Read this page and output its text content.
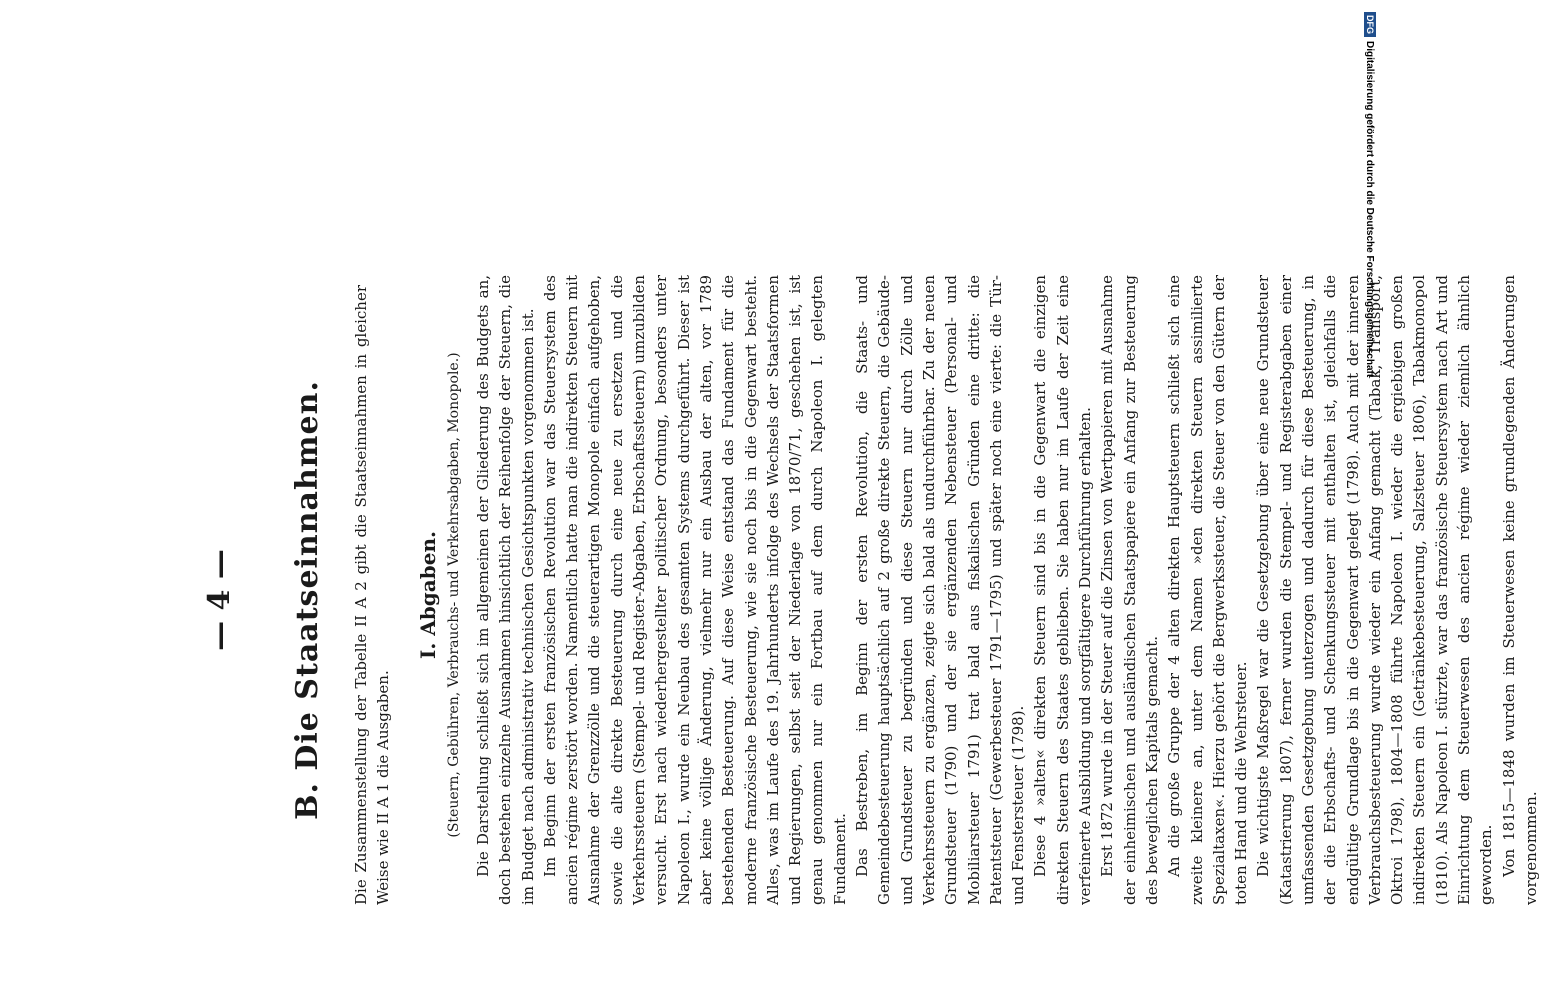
— 4 —	B. Die Staatseinnahmen. Die Zusammenstellung der Tabelle II A 2 gibt die Staatseinnahmen in gleicher Weise wie II A 1 die Ausgaben.
I. Abgaben. (Steuern, Gebühren, Verbrauchs- und Verkehrsabgaben, Monopole.) Die Darstellung schließt sich im allgemeinen der Gliederung des Budgets an, doch bestehen einzelne Ausnahmen hinsichtlich der Reihenfolge der Steuern, die im Budget nach administrativ technischen Gesichtspunkten vorgenommen ist. Im Beginn der ersten französischen Revolution war das Steuersystem des ancien régime zerstört worden. Namentlich hatte man die indirekten Steuern mit Ausnahme der Grenzzölle und die steuerartigen Monopole einfach aufgehoben, sowie die alte direkte Besteuerung durch eine neue zu ersetzen und die Verkehrssteuern (Stempel- und Register-Abgaben, Erbschaftssteuern) umzubilden versucht. Erst nach wiederhergestellter politischer Ordnung, besonders unter Napoleon I., wurde ein Neubau des gesamten Systems durchgeführt. Dieser ist aber keine völlige Änderung, vielmehr nur ein Ausbau der alten, vor 1789 bestehenden Besteuerung. Auf diese Weise entstand das Fundament für die moderne französische Besteuerung, wie sie noch bis in die Gegenwart besteht. Alles, was im Laufe des 19. Jahrhunderts infolge des Wechsels der Staatsformen und Regierungen, selbst seit der Niederlage von 1870/71, geschehen ist, ist genau genommen nur ein Fortbau auf dem durch Napoleon I. gelegten Fundament. Das Bestreben, im Beginn der ersten Revolution, die Staats- und Gemeindebesteuerung hauptsächlich auf 2 große direkte Steuern, die Gebäude- und Grundsteuer zu begründen und diese Steuern nur durch Zölle und Verkehrssteuern zu ergänzen, zeigte sich bald als undurchführbar. Zu der neuen Grundsteuer (1790) und der sie ergänzenden Nebensteuer (Personal- und Mobiliarsteuer 1791) trat bald aus fiskalischen Gründen eine dritte: die Patentsteuer (Gewerbesteuer 1791—1795) und später noch eine vierte: die Tür- und Fenstersteuer (1798). Diese 4 »alten« direkten Steuern sind bis in die Gegenwart die einzigen direkten Steuern des Staates geblieben. Sie haben nur im Laufe der Zeit eine verfeinerte Ausbildung und sorgfältigere Durchführung erhalten. Erst 1872 wurde in der Steuer auf die Zinsen von Wertpapieren mit Ausnahme der einheimischen und ausländischen Staatspapiere ein Anfang zur Besteuerung des beweglichen Kapitals gemacht. An die große Gruppe der 4 alten direkten Hauptsteuern schließt sich eine zweite kleinere an, unter dem Namen »den direkten Steuern assimilierte Spezialtaxen«. Hierzu gehört die Bergwerkssteuer, die Steuer von den Gütern der toten Hand und die Wehrsteuer. Die wichtigste Maßregel war die Gesetzgebung über eine neue Grundsteuer (Katastrierung 1807), ferner wurden die Stempel- und Registerabgaben einer umfassenden Gesetzgebung unterzogen und dadurch für diese Besteuerung, in der die Erbschafts- und Schenkungssteuer mit enthalten ist, gleichfalls die endgültige Grundlage bis in die Gegenwart gelegt (1798). Auch mit der inneren Verbrauchsbesteuerung wurde wieder ein Anfang gemacht (Tabak, Transport, Oktroi 1798), 1804—1808 führte Napoleon I. wieder die ergiebigen großen indirekten Steuern ein (Getränkebesteuerung, Salzsteuer 1806), Tabakmonopol (1810). Als Napoleon I. stürzte, war das französische Steuersystem nach Art und Einrichtung dem Steuerwesen des ancien régime wieder ziemlich ähnlich geworden. Von 1815—1848 wurden im Steuerwesen keine grundlegenden Änderungen vorgenommen.

DFGDigitalisierung gefördert durch die Deutsche Forschungsgemeinschaft
